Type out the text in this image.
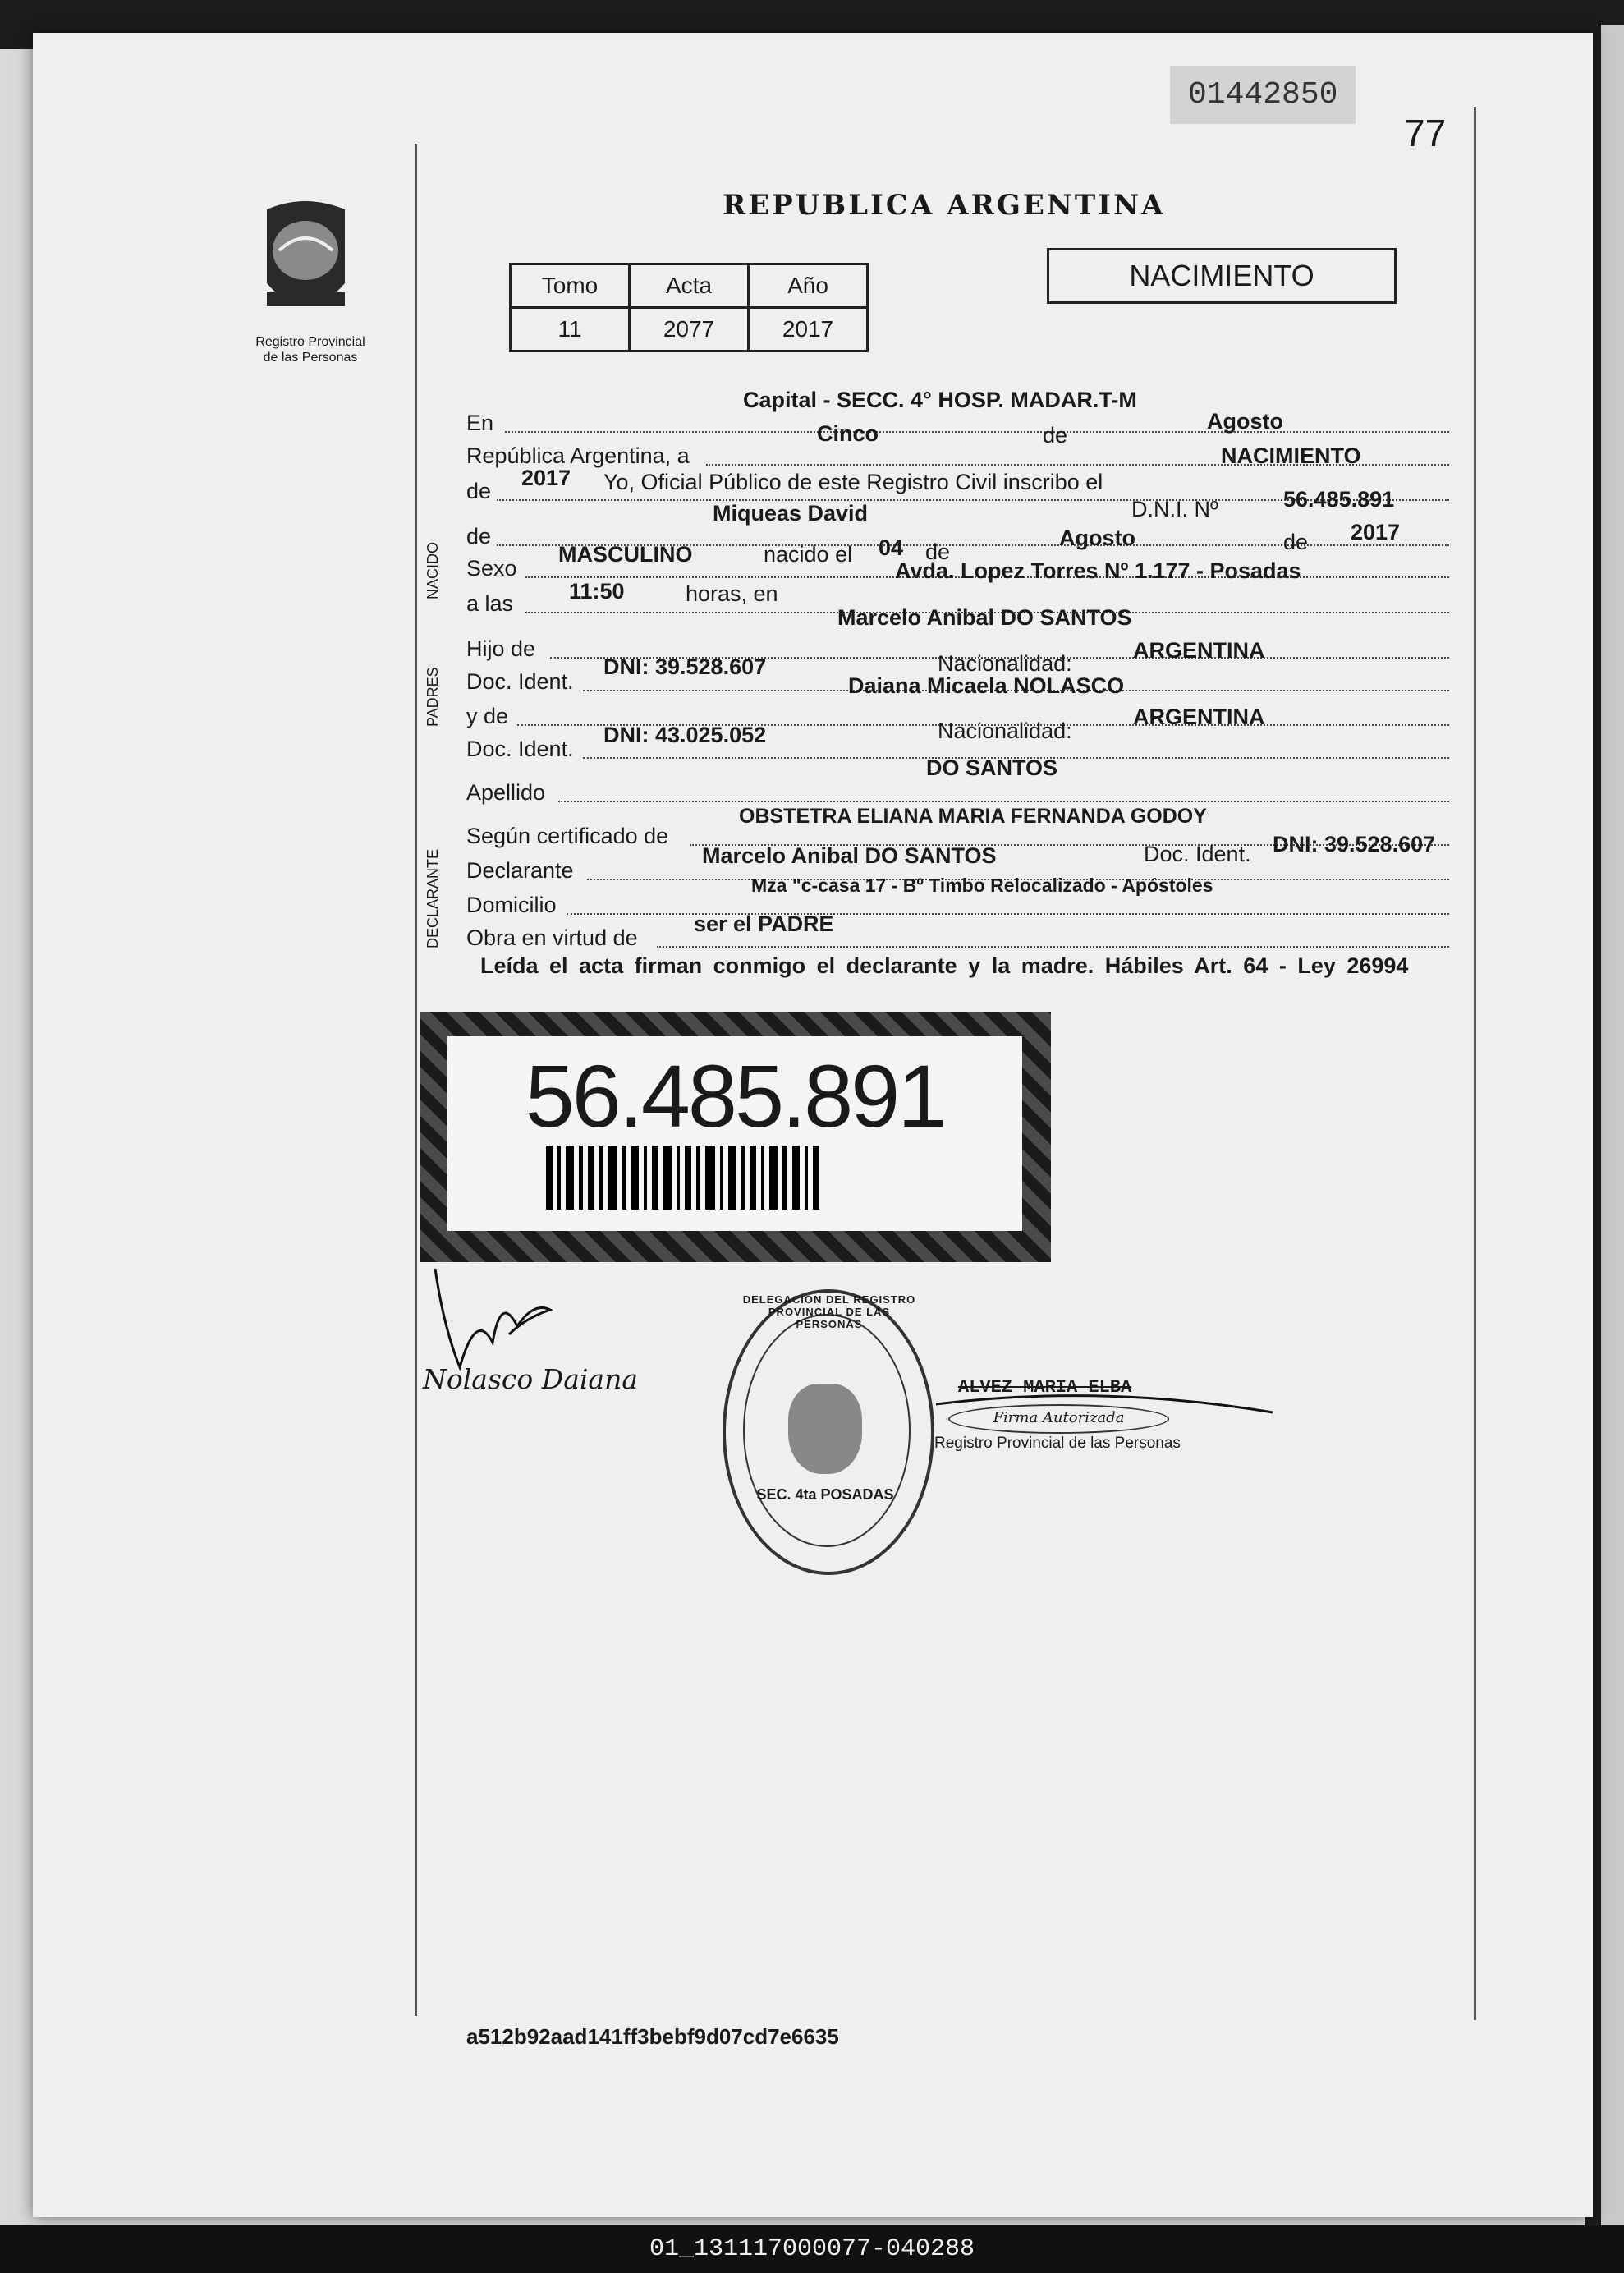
01442850
77
Registro Provincial
de las Personas
REPUBLICA ARGENTINA
Tomo	Acta	Año
11	2077	2017
NACIMIENTO
En
Capital - SECC. 4° HOSP. MADAR.T-M
República Argentina, a
Cinco	de
Agosto
de
2017 Yo, Oficial Público de este Registro Civil inscribo el
NACIMIENTO
NACIDO
de
Miqueas David	D.N.I. Nº	56.485.891
Sexo
MASCULINO	nacido el 04 de
Agosto	de 2017
a las	11:50	horas, en
Avda. Lopez Torres Nº 1.177 - Posadas
PADRES
Hijo de
Marcelo Anibal DO SANTOS
Doc. Ident.
DNI: 39.528.607	Nacionalidad:
ARGENTINA
y de
Daiana Micaela NOLASCO
Doc. Ident.
DNI: 43.025.052	Nacionalidad:
ARGENTINA
Apellido
DO SANTOS
DECLARANTE
Según certificado de
OBSTETRA ELIANA MARIA FERNANDA GODOY
Declarante
Marcelo Anibal DO SANTOS	Doc. Ident. DNI: 39.528.607
Domicilio
Mza "c-casa 17 - Bº Timbo Relocalizado - Apóstoles
Obra en virtud de
ser el PADRE
Leída el acta firman conmigo el declarante y la madre. Hábiles Art. 64 - Ley 26994
56.485.891
Nolasco Daiana
DELEGACION DEL REGISTRO PROVINCIAL DE LAS PERSONAS
SEC. 4ta POSADAS
ALVEZ MARIA ELBA
Firma Autorizada
Registro Provincial de las Personas
a512b92aad141ff3bebf9d07cd7e6635
01_131117000077-040288
